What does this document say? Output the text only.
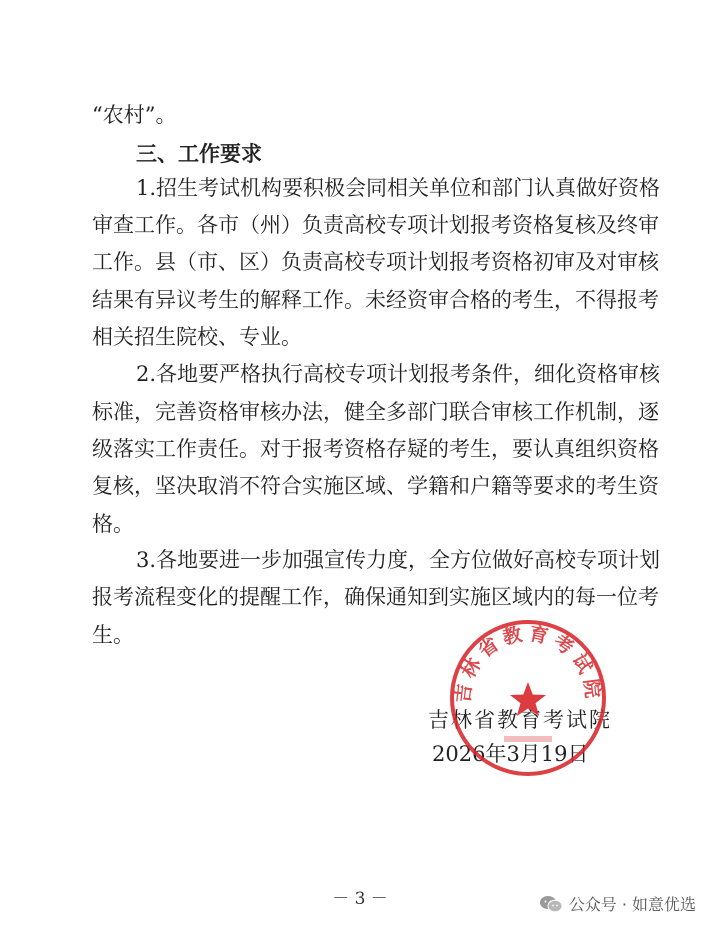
“农村”。
三、工作要求
1.招生考试机构要积极会同相关单位和部门认真做好资格
审查工作。各市（州）负责高校专项计划报考资格复核及终审
工作。县（市、区）负责高校专项计划报考资格初审及对审核
结果有异议考生的解释工作。未经资审合格的考生，不得报考
相关招生院校、专业。
2.各地要严格执行高校专项计划报考条件，细化资格审核
标准，完善资格审核办法，健全多部门联合审核工作机制，逐
级落实工作责任。对于报考资格存疑的考生，要认真组织资格
复核，坚决取消不符合实施区域、学籍和户籍等要求的考生资
格。
3.各地要进一步加强宣传力度，全方位做好高校专项计划
报考流程变化的提醒工作，确保通知到实施区域内的每一位考
生。
吉林省教育考试院
2026年3月19日
吉林省教育考试院
－ 3 －	公众号 · 如意优选
